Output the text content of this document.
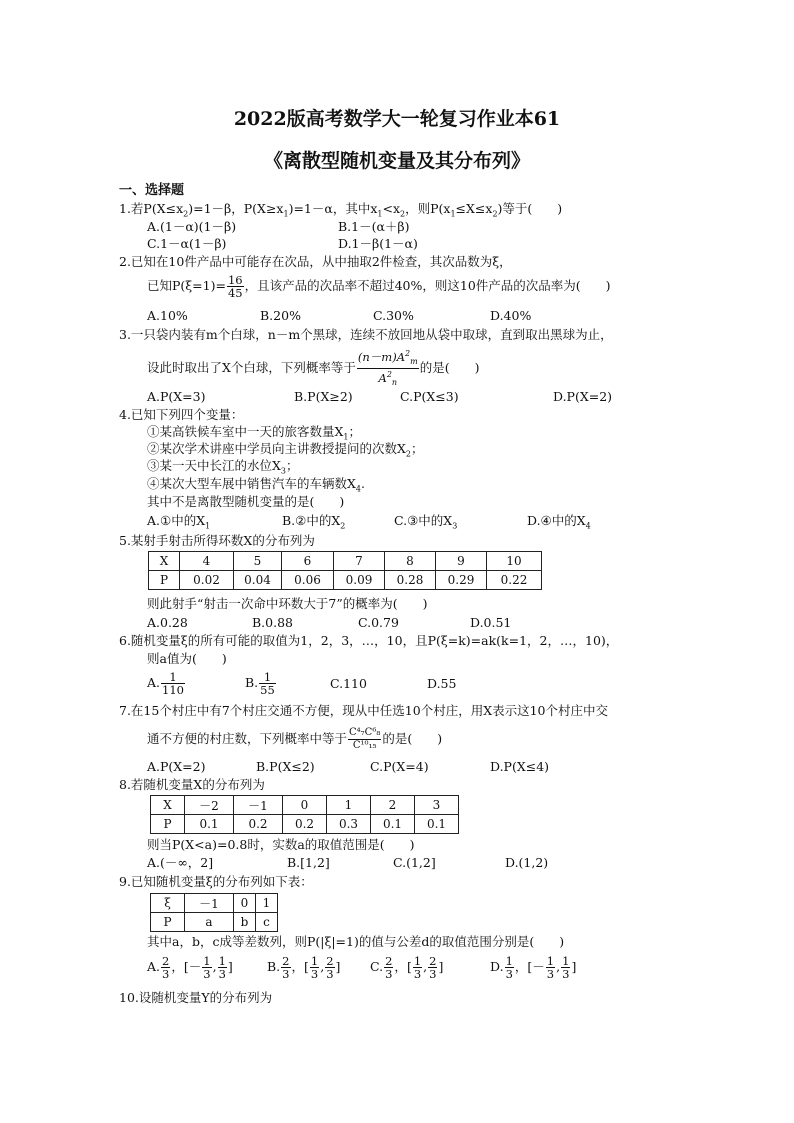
2022版高考数学大一轮复习作业本61
《离散型随机变量及其分布列》
一、选择题
1.若$P(X\le x_2)=1-\beta$，$P(X\ge x_1)=1-\alpha$，其中$x_1<x_2$，则$P(x_1\le X\le x_2)$等于(　　)
A.(1－α)(1－β)	B.1－(α＋β)
C.1－α(1－β)	D.1－β(1－α)
2.已知在10件产品中可能存在次品，从中抽取2件检查，其次品数为ξ，
已知$P(\xi=1)= \frac{16}{45}$ ，且该产品的次品率不超过40%，则这10件产品的次品率为(　　)
A.10%	B.20%	C.30%	D.40%
3.一只袋内装有m个白球，n－m个黑球，连续不放回地从袋中取球，直到取出黑球为止，
设此时取出了X个白球，下列概率等于 $\frac{(n-m)A^2_m}{A^2_n}$ 的是(　　)
A.P(X=3)	B.P(X≥2)	C.P(X≤3)	D.P(X=2)
4.已知下列四个变量：
①某高铁候车室中一天的旅客数量$X_1$；
②某次学术讲座中学员向主讲教授提问的次数$X_2$；
③某一天中长江的水位$X_3$；
④某次大型车展中销售汽车的车辆数$X_4$.
其中不是离散型随机变量的是(　　)
A.①中的$X_1$	B.②中的$X_2$	C.③中的$X_3$	D.④中的$X_4$
5.某射手射击所得环数X的分布列为
X	4	5	6	7	8	9	10
P	0.02	0.04	0.06	0.09	0.28	0.29	0.22
则此射手“射击一次命中环数大于7”的概率为(　　)
A.0.28	B.0.88	C.0.79	D.0.51
6.随机变量ξ的所有可能的取值为1，2，3，…，10，且P(ξ=k)=ak(k=1，2，…，10)，
则a值为(　　)
A. $\frac{1}{110}$	B. $\frac{1}{55}$	C.110	D.55
7.在15个村庄中有7个村庄交通不方便，现从中任选10个村庄，用X表示这10个村庄中交
通不方便的村庄数，下列概率中等于 $\frac{\text{C⁴₇C⁶₈}}{\text{C¹⁰₁₅}}$ 的是(　　)
A.P(X=2)	B.P(X≤2)	C.P(X=4)	D.P(X≤4)
8.若随机变量X的分布列为
X	－2	－1	0	1	2	3
P	0.1	0.2	0.2	0.3	0.1	0.1
则当P(X<a)=0.8时，实数a的取值范围是(　　)
A.(－∞，2]	B.[1,2]	C.(1,2]	D.(1,2)
9.已知随机变量ξ的分布列如下表：
ξ	－1	0	1
P	a	b	c
其中a，b，c成等差数列，则P(|ξ|=1)的值与公差d的取值范围分别是(　　)
A. $\frac{2}{3}$ ，[－ $\frac{1}{3}$ , $\frac{1}{3}$ ]	B. $\frac{2}{3}$ ，[ $\frac{1}{3}$ , $\frac{2}{3}$ ] C. $\frac{2}{3}$ ，[ $\frac{1}{3}$ , $\frac{2}{3}$ ]	D. $\frac{1}{3}$ ，[－ $\frac{1}{3}$ , $\frac{1}{3}$ ]
10.设随机变量Y的分布列为
